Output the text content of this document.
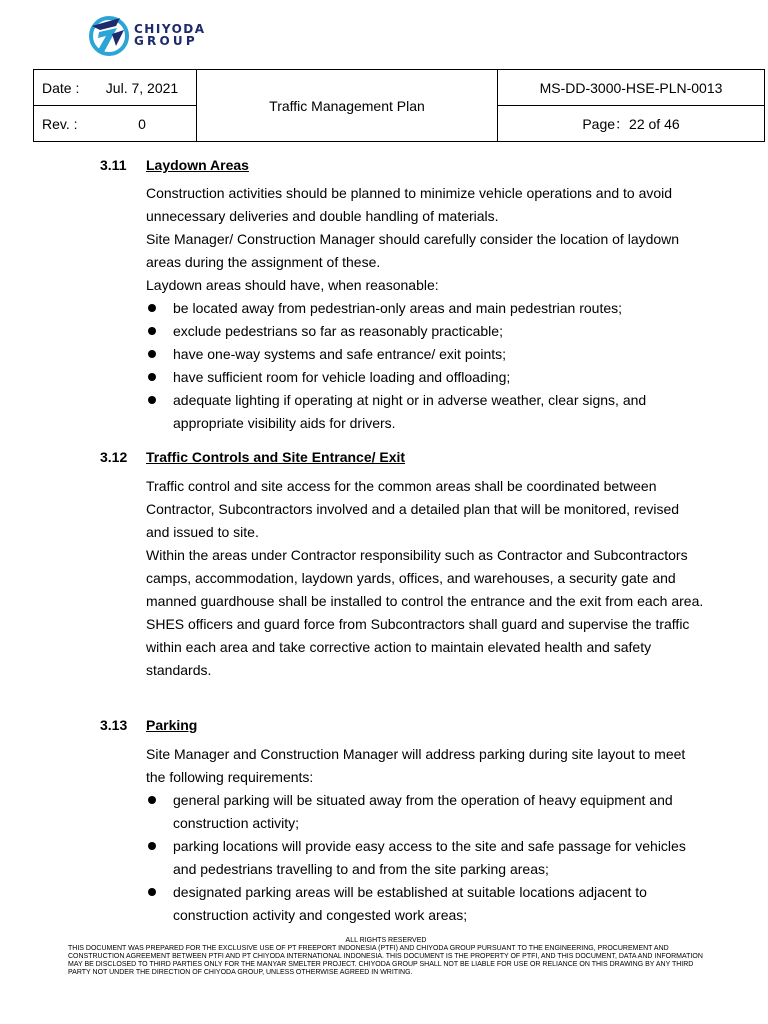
CHIYODA
GROUP
Date : Jul. 7, 2021	Traffic Management Plan	MS-DD-3000-HSE-PLN-0013
Rev. : 0		Page：22 of 46
3.11 Laydown Areas

Construction activities should be planned to minimize vehicle operations and to avoid unnecessary deliveries and double handling of materials.

Site Manager/ Construction Manager should carefully consider the location of laydown areas during the assignment of these.

Laydown areas should have, when reasonable:

be located away from pedestrian-only areas and main pedestrian routes;
exclude pedestrians so far as reasonably practicable;
have one-way systems and safe entrance/ exit points;
have sufficient room for vehicle loading and offloading;
adequate lighting if operating at night or in adverse weather, clear signs, and appropriate visibility aids for drivers.
3.12 Traffic Controls and Site Entrance/ Exit

Traffic control and site access for the common areas shall be coordinated between Contractor, Subcontractors involved and a detailed plan that will be monitored, revised and issued to site.

Within the areas under Contractor responsibility such as Contractor and Subcontractors camps, accommodation, laydown yards, offices, and warehouses, a security gate and manned guardhouse shall be installed to control the entrance and the exit from each area.

SHES officers and guard force from Subcontractors shall guard and supervise the traffic within each area and take corrective action to maintain elevated health and safety standards.

3.13 Parking

Site Manager and Construction Manager will address parking during site layout to meet the following requirements:

general parking will be situated away from the operation of heavy equipment and construction activity;
parking locations will provide easy access to the site and safe passage for vehicles and pedestrians travelling to and from the site parking areas;
designated parking areas will be established at suitable locations adjacent to construction activity and congested work areas;
ALL RIGHTS RESERVED
THIS DOCUMENT WAS PREPARED FOR THE EXCLUSIVE USE OF PT FREEPORT INDONESIA (PTFI) AND CHIYODA GROUP PURSUANT TO THE ENGINEERING, PROCUREMENT AND CONSTRUCTION AGREEMENT BETWEEN PTFI AND PT CHIYODA INTERNATIONAL INDONESIA. THIS DOCUMENT IS THE PROPERTY OF PTFI, AND THIS DOCUMENT, DATA AND INFORMATION MAY BE DISCLOSED TO THIRD PARTIES ONLY FOR THE MANYAR SMELTER PROJECT. CHIYODA GROUP SHALL NOT BE LIABLE FOR USE OR RELIANCE ON THIS DRAWING BY ANY THIRD PARTY NOT UNDER THE DIRECTION OF CHIYODA GROUP, UNLESS OTHERWISE AGREED IN WRITING.
